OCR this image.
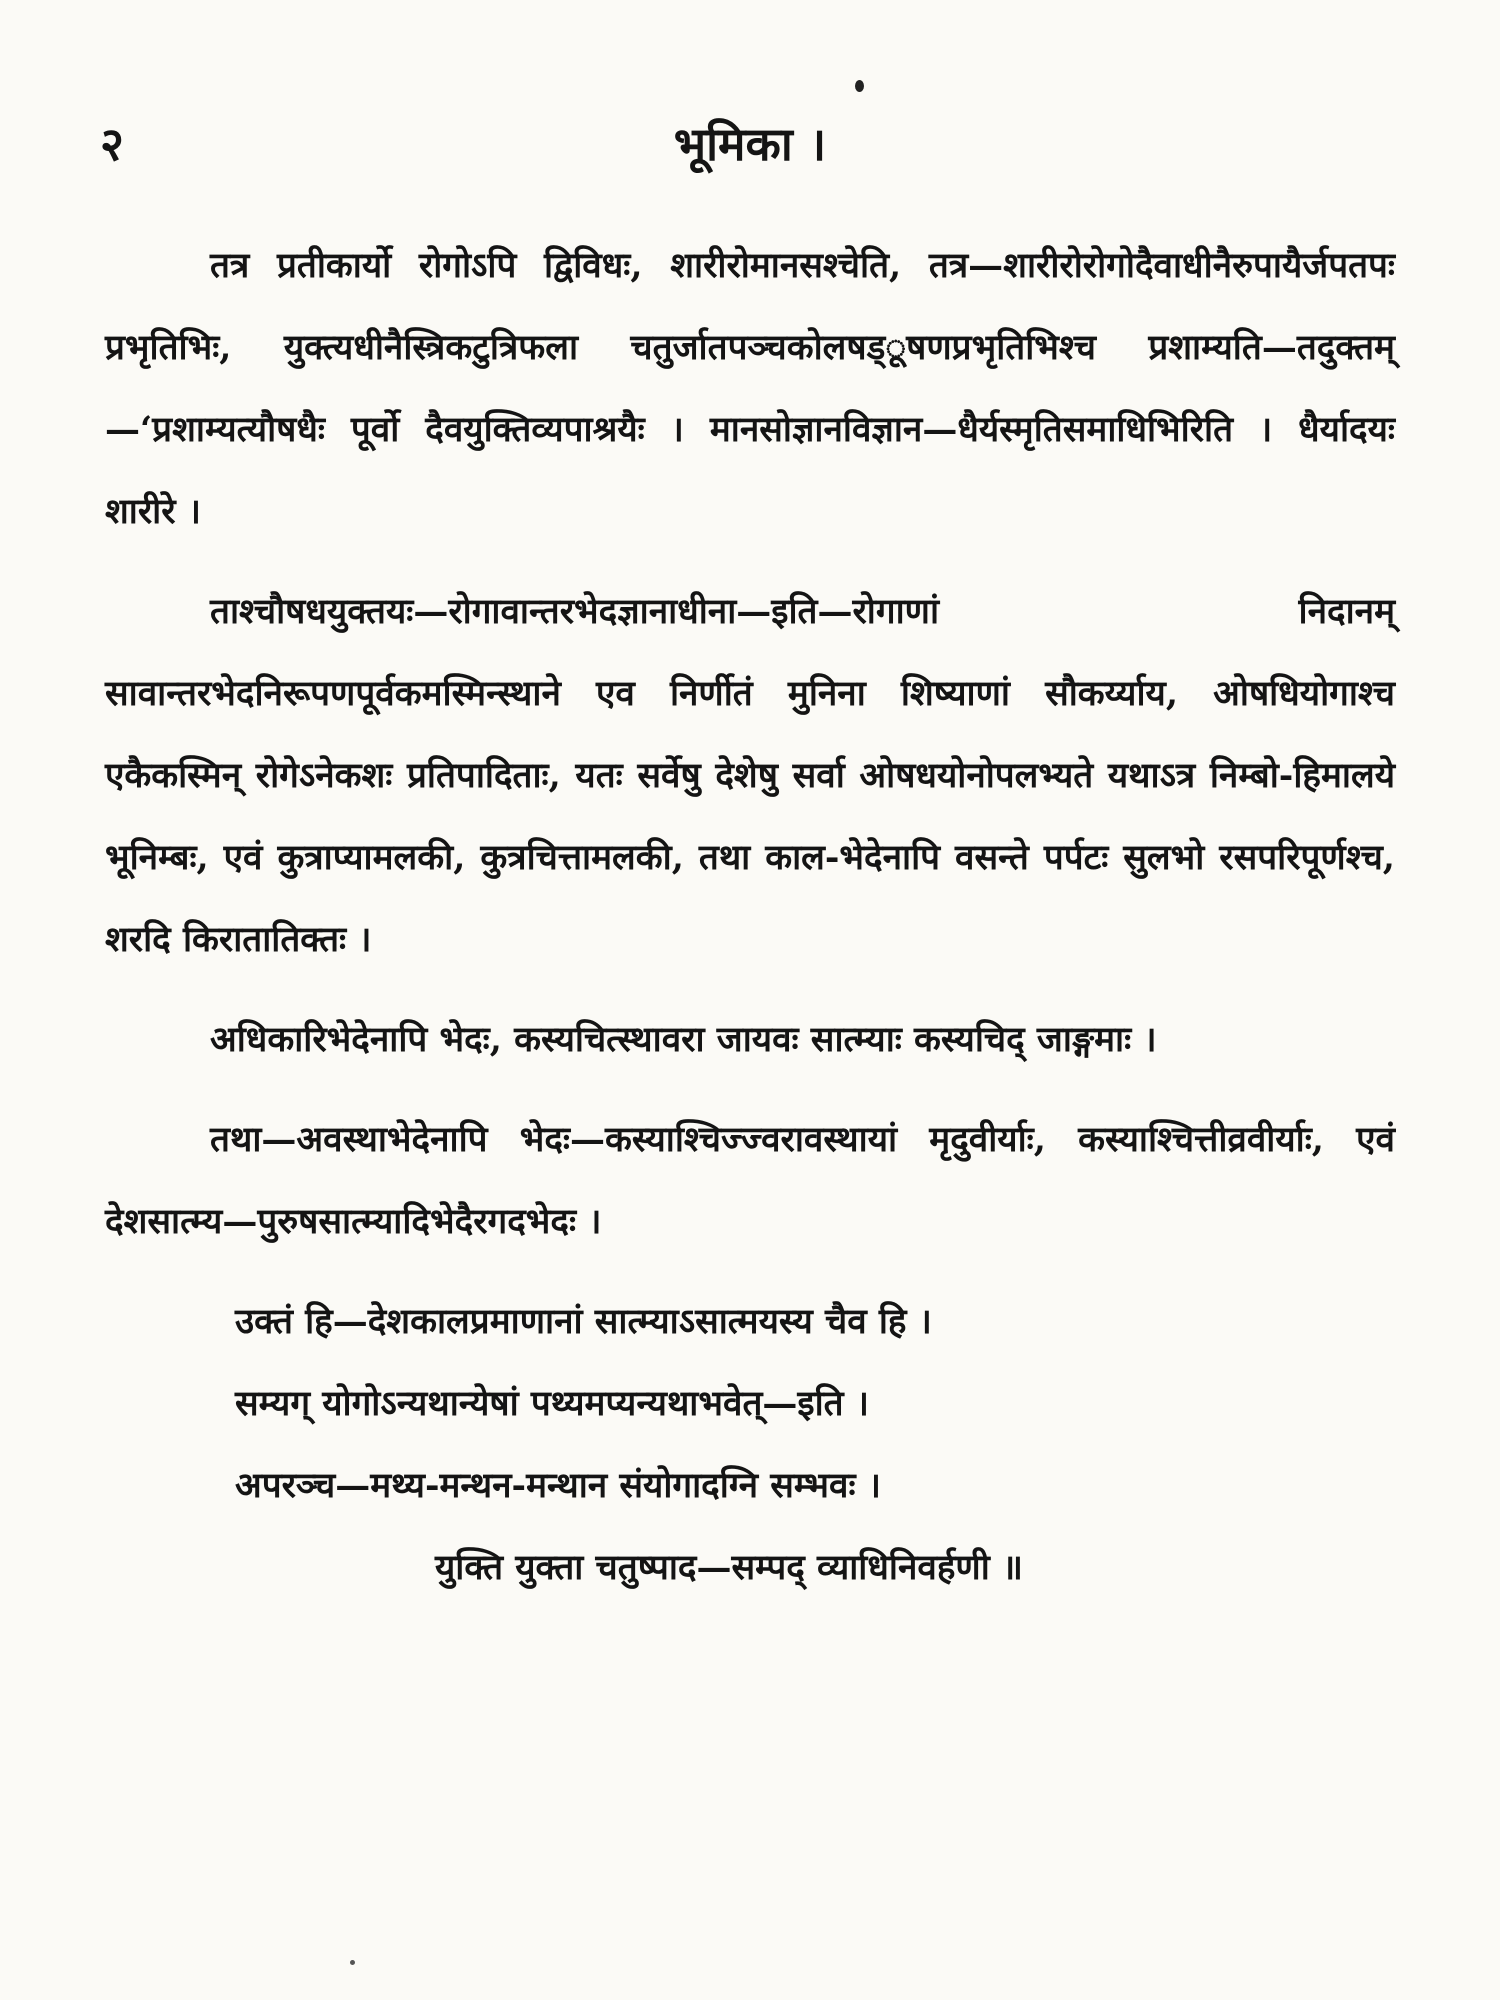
२	भूमिका ।

तत्र प्रतीकार्यो रोगोऽपि द्विविधः, शारीरोमानसश्चेति, तत्र—शारीरोरोगोदैवाधीनैरुपायैर्जपतपः प्रभृतिभिः, युक्त्यधीनैस्त्रिकटुत्रिफला चतुर्जातपञ्चकोलषड्ूषणप्रभृतिभिश्च प्रशाम्यति—तदुक्तम्—‘प्रशाम्यत्यौषधैः पूर्वो दैवयुक्तिव्यपाश्रयैः । मानसोज्ञानविज्ञान—धैर्यस्मृतिसमाधिभिरिति । धैर्यादयः शारीरे ।

ताश्चौषधयुक्तयः—रोगावान्तरभेदज्ञानाधीना—इति—रोगाणां निदानम् सावान्तरभेदनिरूपणपूर्वकमस्मिन्स्थाने एव निर्णीतं मुनिना शिष्याणां सौकर्य्याय, ओषधियोगाश्च एकैकस्मिन् रोगेऽनेकशः प्रतिपादिताः, यतः सर्वेषु देशेषु सर्वा ओषधयोनोपलभ्यते यथाऽत्र निम्बो-हिमालये भूनिम्बः, एवं कुत्राप्यामलकी, कुत्रचित्तामलकी, तथा काल-भेदेनापि वसन्ते पर्पटः सुलभो रसपरिपूर्णश्च, शरदि किरातातिक्तः ।

अधिकारिभेदेनापि भेदः, कस्यचित्स्थावरा जायवः सात्म्याः कस्यचिद् जाङ्गमाः ।

तथा—अवस्थाभेदेनापि भेदः—कस्याश्चिज्ज्वरावस्थायां मृदुवीर्याः, कस्याश्चित्तीव्रवीर्याः, एवं देशसात्म्य—पुरुषसात्म्यादिभेदैरगदभेदः ।

उक्तं हि—देशकालप्रमाणानां सात्म्याऽसात्मयस्य चैव हि ।

सम्यग् योगोऽन्यथान्येषां पथ्यमप्यन्यथाभवेत्—इति ।

अपरञ्च—मथ्य-मन्थन-मन्थान संयोगादग्नि सम्भवः ।

युक्ति युक्ता चतुष्पाद—सम्पद् व्याधिनिवर्हणी ॥
